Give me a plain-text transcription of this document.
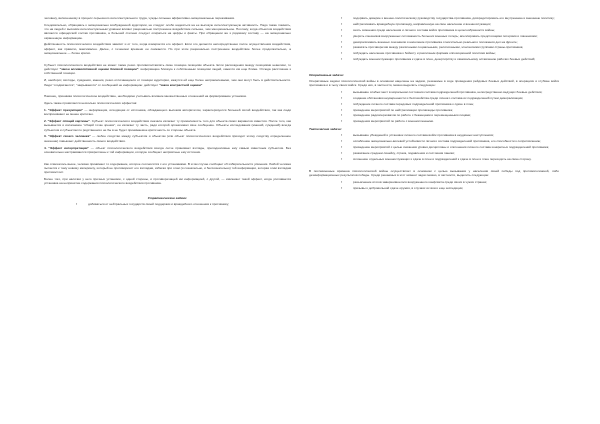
человеку, включенному в процесс серьезного интеллектуального труда, чужды сильные аффективно-эмоциональные переживания.

Следовательно, обращаясь к эмоционально возбужденной аудитории, не следует особо надеяться на ее высокую интеллектуальную активность. Надо также помнить, что на людей с высоким интеллектуальным уровнем влияют рационально построенное воздействие сильнее, чем эмоциональное. Поэтому, когда объектом воздействия являются офицерский состав противника, а большей степени следует опираться на цифры и факты. При обращении же к рядовому составу — на эмоционально окрашенную информацию.

Действенность психологического воздействия зависит и от того, когда измеряется его эффект. Если это делается непосредственно после осуществления воздействия, эффект, как правило, максимален. Далее, с течением времени он снижается. Но при этом рационально построенное воздействие более продолжительно, а эмоциональное — более кратко.

Субъект психологического воздействия не может также резко противопоставлять свою позицию позициям объекта. Если расхождения между позициями невелики, то действует "закон ассимилятивной оценки близкой позиции": информацию близкую к собственным позициям людей, кажется им еще ближе. Отсюда расстояние к собственной позиции.

И, наоборот, взгляды, суждения, мнения, резко отличающиеся от позиции аудитории, кажутся ей еще более неприемлемыми, чем они могут быть в действительности. Люди "отодвигаются", "закрываются" от сообщений не информацию: действует "закон контрастной оценки"

Наконец, принимая психологическое воздействие, необходимо учитывать влияние множественных отношений на формирование установок.

Здесь также проявляется несколько психологических эффектов:

1. "Эффект презумпции" — информация, исходящая от источника, обладающего высоким авторитетом, характеризуется большей силой воздействия, так как люди воспринимают ее менее критично.

2. "Эффект спящей картины". Субъект психологического воздействия сначала излагает ту приемлемость того для объекта своих вариантов известия. После того, как вызывается и излагаемое "общий точке зрения", он излагает ту часть, ради которой организовал свое сообщение. Объекты исследования (мнений, суждений) всегда субъектом и субъектом по родственного не бы в не будет принимаемое критичность со стороны объекта.

3. "Эффект своего человека" — любое сходство между субъектом и объектом (или объект психологического воздействия приходит этому сходству определенное значение) повышает действенность своего воздействия.

4. "Эффект интерпретации" — объект психологического воздействия всегда легче принимает взгляды, преподносимые ему самым известным субъектом. Без основательно настраиваются прикреплены к той информации, которую сообщает неприятные ему источник.

Как отмечалось выше, человек принимает то содержание, которое соотносится с его установками. В этом случае сообщает об избирательности усвоения. Любой человек пытается к тому новому материалу, который не противоречит его взглядам, избегая при этом (и сознательно, и бессознательно) той информации, которая этим взглядам противостоит.

Более того, при наличии у него прочных установок, с одной стороны, и противоречащей им информацией, с другой, — извлекает такой эффект, когда усиливается установка на непринятие содержания психологического воздействия противника.

Стратегические задачи:
▪ добиваться от нейтральных государств своей поддержки и враждебного отношения к противнику;
▪ подорвать доверие к военно-политическому руководству государства-противника, дискредитировать его внутреннюю и внешнюю политику;
▪ нейтрализовать враждебную пропаганду, направленную на свое население и военнослужащих;
▪ сеять сомнения среди населения и личного состава войск противника в целесообразности войны;
▪ уверить союзников вооруженных сил важность больших военных потерь; апеллировать предстоящими потерями и лишениями;
▪ деморализовать военных союзников и население противника относительно реального положения дел на фронте;
▪ разжигать противоречия между различными социальными, религиозными, этническими группами страны-противника;
▪ побуждать население противника к бойкоту и различным формам оппозиционной политики войны;
▪ побуждать военнослужащих противника к сдаче в плен, дезертирству и самовольному оставлению рабочих боевых действий;
Оперативные задачи:

Оперативные задачи психологической войны в основном нацелены на задачи, решаемые в ходе проведения рейдовых боевых действий, в операциях и глубине войск противника и в тылу своих войск. Среди них, в частности, можно выделить следующие:

▪ вызывание слабых мест в моральном состоянии состава подразделений противника, непосредственно ведущих боевые действия;
▪ создание обстановки неуверенности и беспокойства среди личного состава их подразделений путем деморализации;
▪ побуждение личного состава передовых подразделений противника к сдаче в плен;
▪ проведение мероприятий по нейтрализации пропаганды противника;
▪ проведение радиоперехватов по работе с беженцами и перемещенными лицами;
▪ проведения мероприятий по работе с военнопленными.
Тактические задачи:
▪ вызывание убеждений и установок личного состава войск противника в неудачных наступлениях;
▪ ослабление эмоционально-волевой устойчивости личного состава подразделений противника, его способности к сопротивлению;
▪ проведение мероприятий с целью снижения уровня дисциплины и отклонения личного состава конкретных подразделений противника;
▪ разжигание среднем линейку, страха, подавления и состояния паники;
▪ склонение отдельных военнослужащих к сдаче в плен и подразделений к сдаче в плен и плен переходить на свою сторону.

В послевоенные времена психологической войны осуществляет в основном с целью вызывания у населения своей победы под противоположной, либо дезинформационных результатов победы. Среди решаемых в этот момент задач можно, в частности, выделить следующие:

▪ разъяснение итогов завершившегося вооруженного конфликта среди своих в чужих странах;
▪ призывы к добровольной сдаче оружия, в случаях их всего еще экспедиции;
